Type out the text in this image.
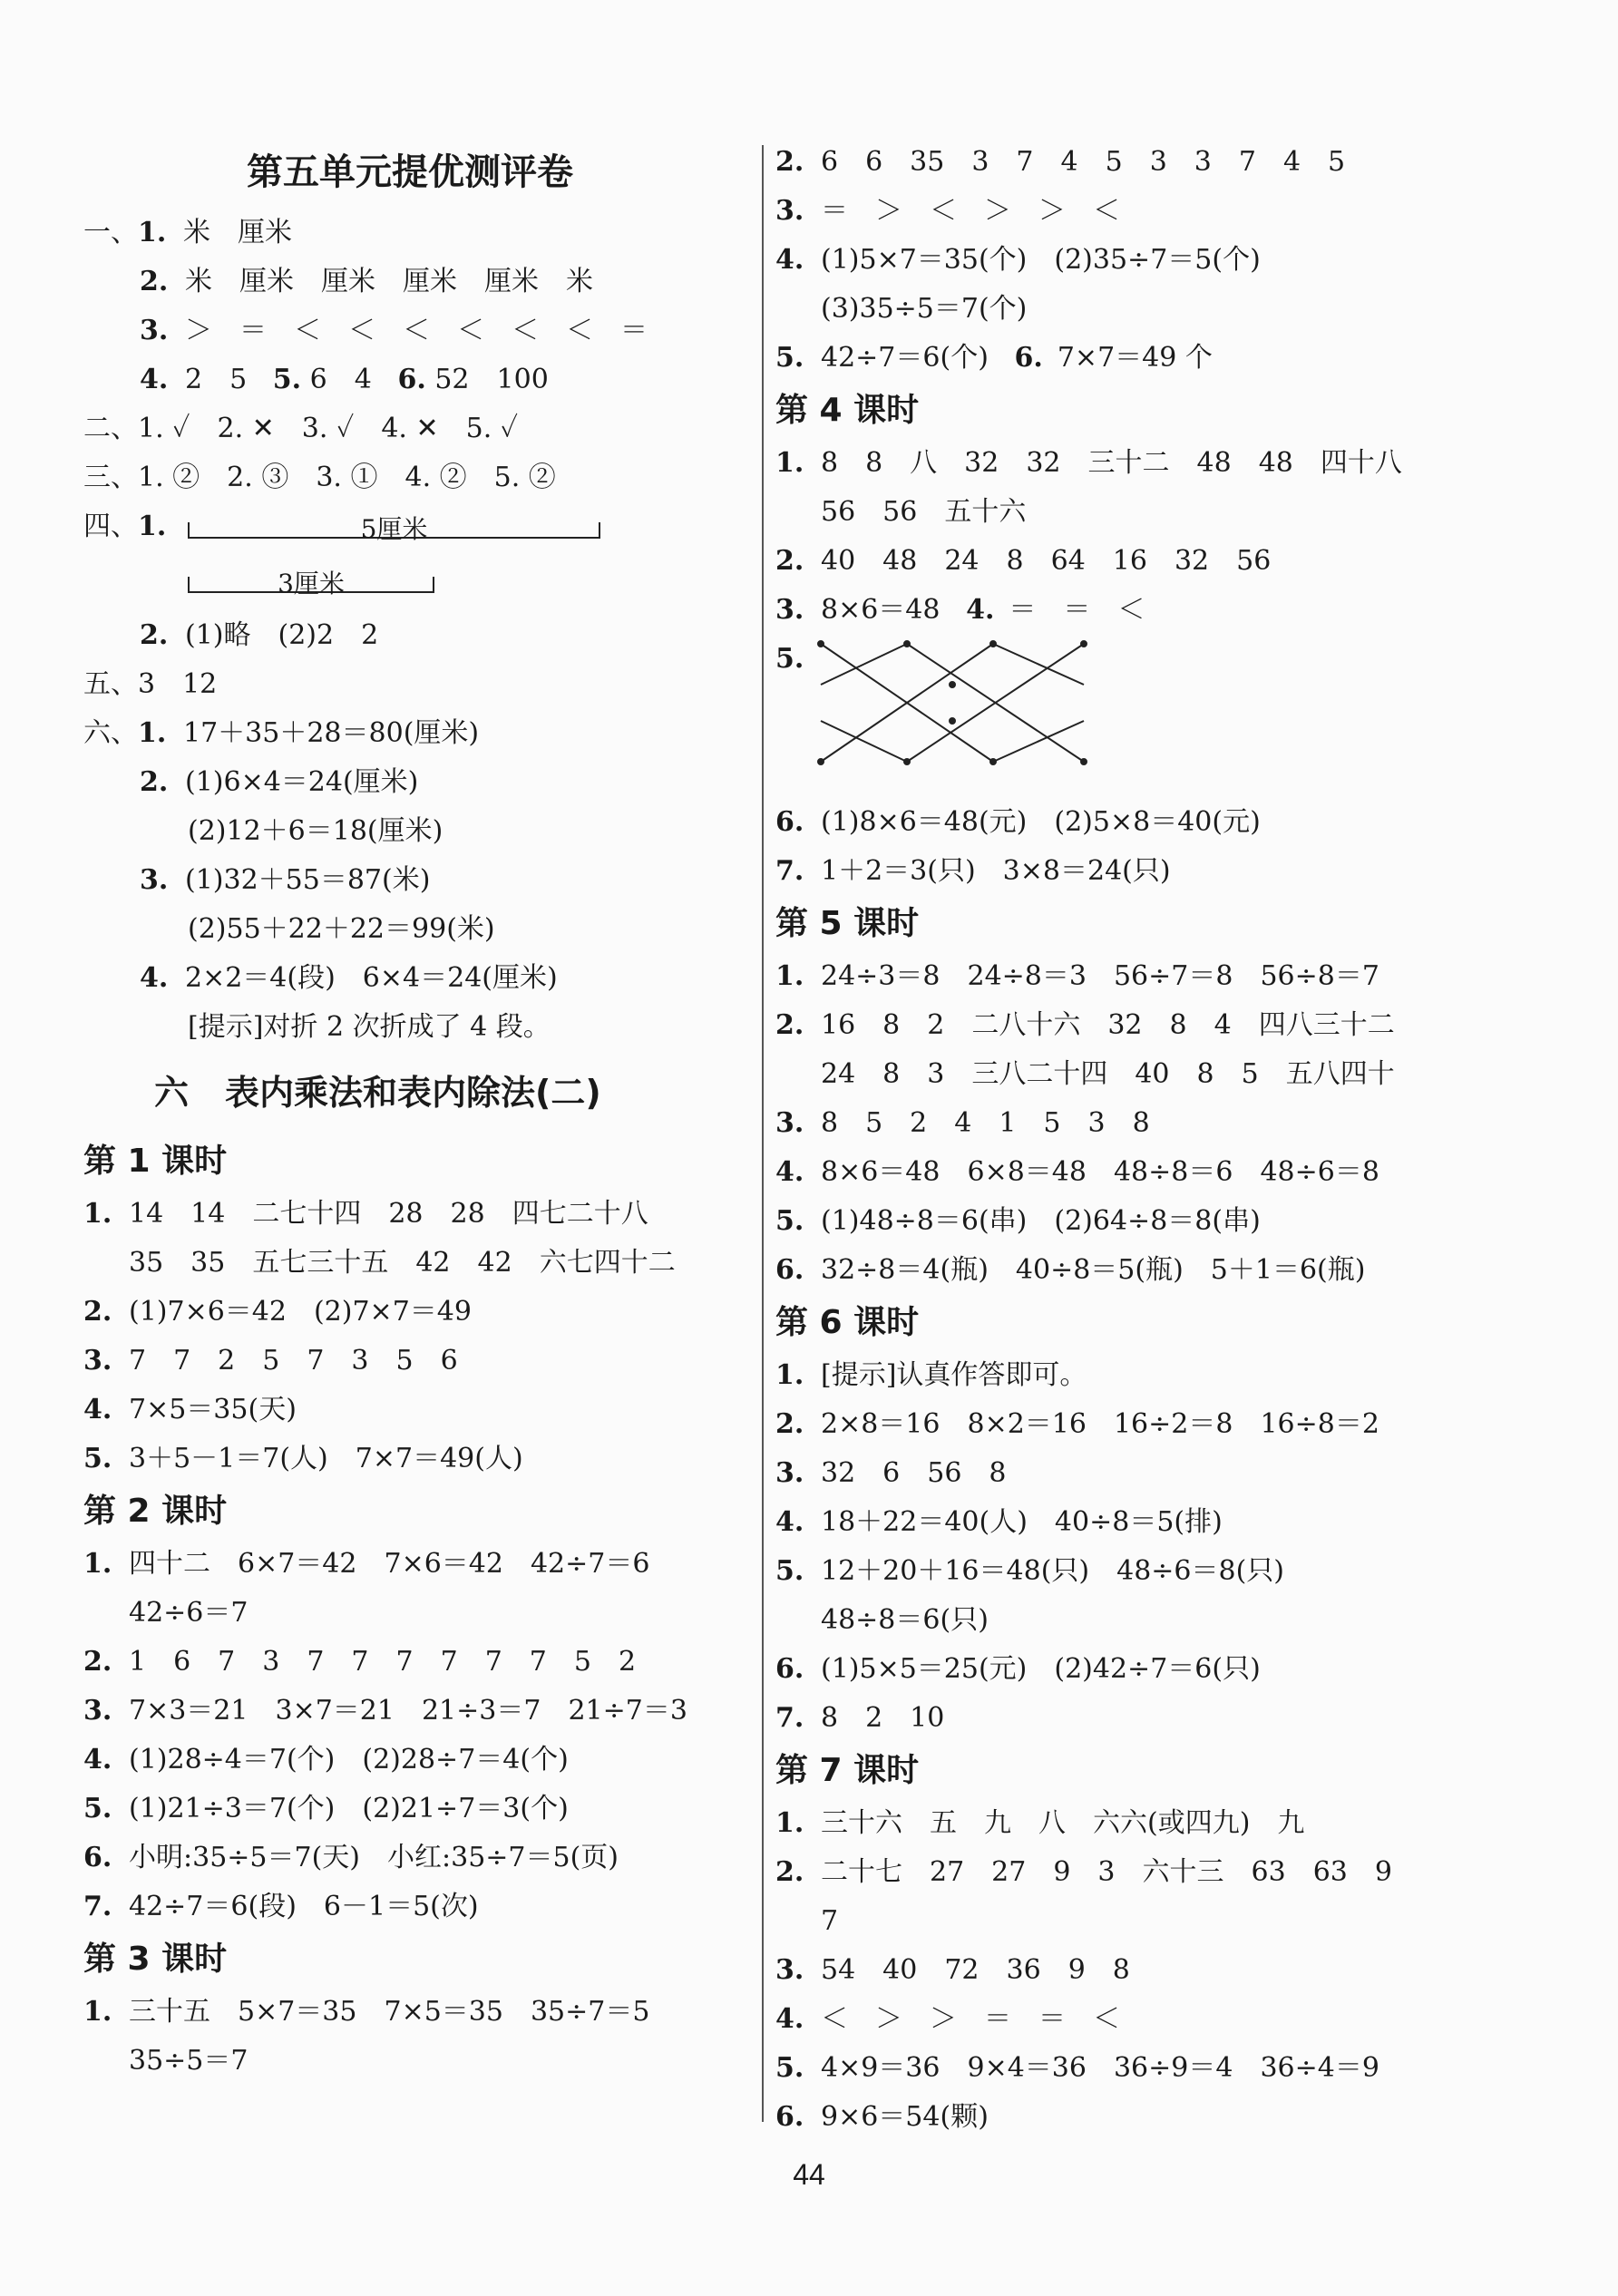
第五单元提优测评卷
一、1. 米　厘米
2. 米　厘米　厘米　厘米　厘米　米
3. ＞　＝　＜　＜　＜　＜　＜　＜　＝
4. 2　5 5. 6　4 6. 52　100
二、1. ✓　2. ✕　3. ✓　4. ✕　5. ✓
三、1. ②　2. ③　3. ①　4. ②　5. ②
四、1.	5厘米
3厘米
2. (1)略　(2)2　2
五、3　12
六、1. 17＋35＋28＝80(厘米)
2. (1)6×4＝24(厘米)
(2)12＋6＝18(厘米)
3. (1)32＋55＝87(米)
(2)55＋22＋22＝99(米)
4. 2×2＝4(段)　6×4＝24(厘米)
[提示]对折 2 次折成了 4 段。
六 表内乘法和表内除法(二)
第 1 课时
1. 14　14　二七十四　28　28　四七二十八
35　35　五七三十五　42　42　六七四十二
2. (1)7×6＝42　(2)7×7＝49
3. 7　7　2　5　7　3　5　6
4. 7×5＝35(天)
5. 3＋5－1＝7(人)　7×7＝49(人)
第 2 课时
1. 四十二　6×7＝42　7×6＝42　42÷7＝6
42÷6＝7
2. 1　6　7　3　7　7　7　7　7　7　5　2
3. 7×3＝21　3×7＝21　21÷3＝7　21÷7＝3
4. (1)28÷4＝7(个)　(2)28÷7＝4(个)
5. (1)21÷3＝7(个)　(2)21÷7＝3(个)
6. 小明:35÷5＝7(天)　小红:35÷7＝5(页)
7. 42÷7＝6(段)　6－1＝5(次)
第 3 课时
1. 三十五　5×7＝35　7×5＝35　35÷7＝5
35÷5＝7
2. 6　6　35　3　7　4　5　3　3　7　4　5
3. ＝　＞　＜　＞　＞　＜
4. (1)5×7＝35(个)　(2)35÷7＝5(个)
(3)35÷5＝7(个)
5. 42÷7＝6(个) 6. 7×7＝49 个
第 4 课时
1. 8　8　八　32　32　三十二　48　48　四十八
56　56　五十六
2. 40　48　24　8　64　16　32　56
3. 8×6＝48 4. ＝　＝　＜
5.
6. (1)8×6＝48(元)　(2)5×8＝40(元)
7. 1＋2＝3(只)　3×8＝24(只)
第 5 课时
1. 24÷3＝8　24÷8＝3　56÷7＝8　56÷8＝7
2. 16　8　2　二八十六　32　8　4　四八三十二
24　8　3　三八二十四　40　8　5　五八四十
3. 8　5　2　4　1　5　3　8
4. 8×6＝48　6×8＝48　48÷8＝6　48÷6＝8
5. (1)48÷8＝6(串)　(2)64÷8＝8(串)
6. 32÷8＝4(瓶)　40÷8＝5(瓶)　5＋1＝6(瓶)
第 6 课时
1. [提示]认真作答即可。
2. 2×8＝16　8×2＝16　16÷2＝8　16÷8＝2
3. 32　6　56　8
4. 18＋22＝40(人)　40÷8＝5(排)
5. 12＋20＋16＝48(只)　48÷6＝8(只)
48÷8＝6(只)
6. (1)5×5＝25(元)　(2)42÷7＝6(只)
7. 8　2　10
第 7 课时
1. 三十六　五　九　八　六六(或四九)　九
2. 二十七　27　27　9　3　六十三　63　63　9
7
3. 54　40　72　36　9　8
4. ＜　＞　＞　＝　＝　＜
5. 4×9＝36　9×4＝36　36÷9＝4　36÷4＝9
6. 9×6＝54(颗)
44
